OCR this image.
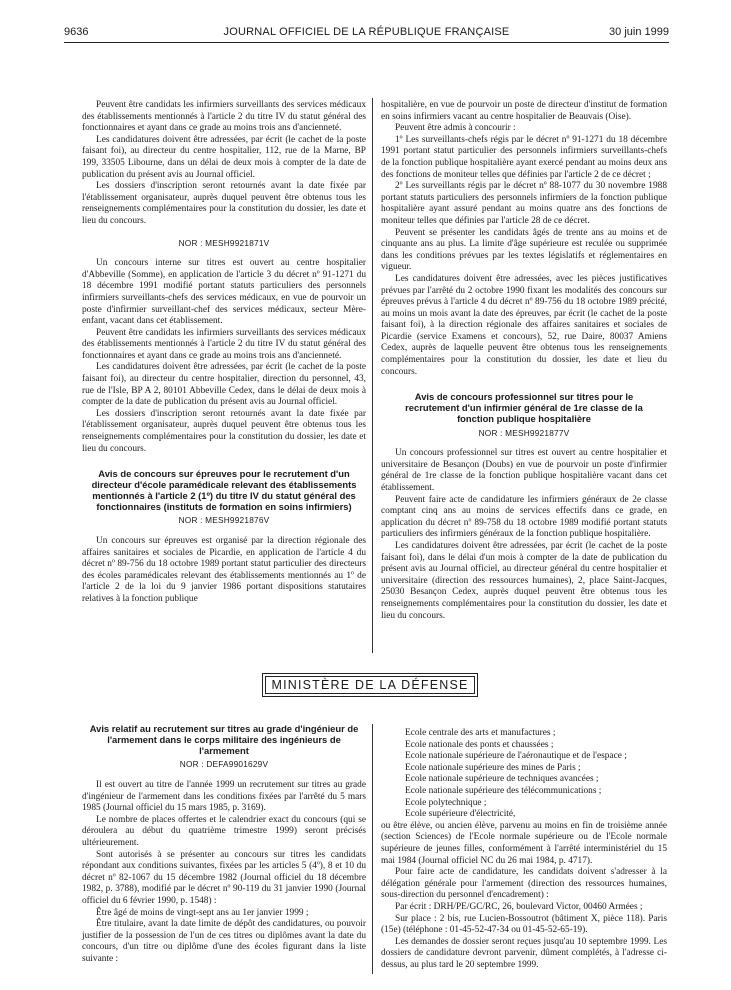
9636	JOURNAL OFFICIEL DE LA RÉPUBLIQUE FRANÇAISE	30 juin 1999

Peuvent être candidats les infirmiers surveillants des services médicaux des établissements mentionnés à l'article 2 du titre IV du statut général des fonctionnaires et ayant dans ce grade au moins trois ans d'ancienneté.

Les candidatures doivent être adressées, par écrit (le cachet de la poste faisant foi), au directeur du centre hospitalier, 112, rue de la Marne, BP 199, 33505 Libourne, dans un délai de deux mois à compter de la date de publication du présent avis au Journal officiel.

Les dossiers d'inscription seront retournés avant la date fixée par l'établissement organisateur, auprès duquel peuvent être obtenus tous les renseignements complémentaires pour la constitution du dossier, les date et lieu du concours.

NOR : MESH9921871V

Un concours interne sur titres est ouvert au centre hospitalier d'Abbeville (Somme), en application de l'article 3 du décret nº 91-1271 du 18 décembre 1991 modifié portant statuts particuliers des personnels infirmiers surveillants-chefs des services médicaux, en vue de pourvoir un poste d'infirmier surveillant-chef des services médicaux, secteur Mère-enfant, vacant dans cet établissement.

Peuvent être candidats les infirmiers surveillants des services médicaux des établissements mentionnés à l'article 2 du titre IV du statut général des fonctionnaires et ayant dans ce grade au moins trois ans d'ancienneté.

Les candidatures doivent être adressées, par écrit (le cachet de la poste faisant foi), au directeur du centre hospitalier, direction du personnel, 43, rue de l'Isle, BP A 2, 80101 Abbeville Cedex, dans le délai de deux mois à compter de la date de publication du présent avis au Journal officiel.

Les dossiers d'inscription seront retournés avant la date fixée par l'établissement organisateur, auprès duquel peuvent être obtenus tous les renseignements complémentaires pour la constitution du dossier, les date et lieu du concours.

Avis de concours sur épreuves pour le recrutement d'un directeur d'école paramédicale relevant des établissements mentionnés à l'article 2 (1º) du titre IV du statut général des fonctionnaires (instituts de formation en soins infirmiers)
NOR : MESH9921876V

Un concours sur épreuves est organisé par la direction régionale des affaires sanitaires et sociales de Picardie, en application de l'article 4 du décret nº 89-756 du 18 octobre 1989 portant statut particulier des directeurs des écoles paramédicales relevant des établissements mentionnés au 1º de l'article 2 de la loi du 9 janvier 1986 portant dispositions statutaires relatives à la fonction publique

hospitalière, en vue de pourvoir un poste de directeur d'institut de formation en soins infirmiers vacant au centre hospitalier de Beauvais (Oise).

Peuvent être admis à concourir :

1º Les surveillants-chefs régis par le décret nº 91-1271 du 18 décembre 1991 portant statut particulier des personnels infirmiers surveillants-chefs de la fonction publique hospitalière ayant exercé pendant au moins deux ans des fonctions de moniteur telles que définies par l'article 2 de ce décret ;

2º Les surveillants régis par le décret nº 88-1077 du 30 novembre 1988 portant statuts particuliers des personnels infirmiers de la fonction publique hospitalière ayant assuré pendant au moins quatre ans des fonctions de moniteur telles que définies par l'article 28 de ce décret.

Peuvent se présenter les candidats âgés de trente ans au moins et de cinquante ans au plus. La limite d'âge supérieure est reculée ou supprimée dans les conditions prévues par les textes législatifs et réglementaires en vigueur.

Les candidatures doivent être adressées, avec les pièces justificatives prévues par l'arrêté du 2 octobre 1990 fixant les modalités des concours sur épreuves prévus à l'article 4 du décret nº 89-756 du 18 octobre 1989 précité, au moins un mois avant la date des épreuves, par écrit (le cachet de la poste faisant foi), à la direction régionale des affaires sanitaires et sociales de Picardie (service Examens et concours), 52, rue Daire, 80037 Amiens Cedex, auprès de laquelle peuvent être obtenus tous les renseignements complémentaires pour la constitution du dossier, les date et lieu du concours.

Avis de concours professionnel sur titres pour le recrutement d'un infirmier général de 1re classe de la fonction publique hospitalière
NOR : MESH9921877V

Un concours professionnel sur titres est ouvert au centre hospitalier et universitaire de Besançon (Doubs) en vue de pourvoir un poste d'infirmier général de 1re classe de la fonction publique hospitalière vacant dans cet établissement.

Peuvent faire acte de candidature les infirmiers généraux de 2e classe comptant cinq ans au moins de services effectifs dans ce grade, en application du décret nº 89-758 du 18 octobre 1989 modifié portant statuts particuliers des infirmiers généraux de la fonction publique hospitalière.

Les candidatures doivent être adressées, par écrit (le cachet de la poste faisant foi), dans le délai d'un mois à compter de la date de publication du présent avis au Journal officiel, au directeur général du centre hospitalier et universitaire (direction des ressources humaines), 2, place Saint-Jacques, 25030 Besançon Cedex, auprès duquel peuvent être obtenus tous les renseignements complémentaires pour la constitution du dossier, les date et lieu du concours.

MINISTÈRE DE LA DÉFENSE
Avis relatif au recrutement sur titres au grade d'ingénieur de l'armement dans le corps militaire des ingénieurs de l'armement
NOR : DEFA9901629V

Il est ouvert au titre de l'année 1999 un recrutement sur titres au grade d'ingénieur de l'armement dans les conditions fixées par l'arrêté du 5 mars 1985 (Journal officiel du 15 mars 1985, p. 3169).

Le nombre de places offertes et le calendrier exact du concours (qui se déroulera au début du quatrième trimestre 1999) seront précisés ultérieurement.

Sont autorisés à se présenter au concours sur titres les candidats répondant aux conditions suivantes, fixées par les articles 5 (4º), 8 et 10 du décret nº 82-1067 du 15 décembre 1982 (Journal officiel du 18 décembre 1982, p. 3788), modifié par le décret nº 90-119 du 31 janvier 1990 (Journal officiel du 6 février 1990, p. 1548) :

Être âgé de moins de vingt-sept ans au 1er janvier 1999 ;

Être titulaire, avant la date limite de dépôt des candidatures, ou pouvoir justifier de la possession de l'un de ces titres ou diplômes avant la date du concours, d'un titre ou diplôme d'une des écoles figurant dans la liste suivante :

Ecole centrale des arts et manufactures ;

Ecole nationale des ponts et chaussées ;

Ecole nationale supérieure de l'aéronautique et de l'espace ;

Ecole nationale supérieure des mines de Paris ;

Ecole nationale supérieure de techniques avancées ;

Ecole nationale supérieure des télécommunications ;

Ecole polytechnique ;

Ecole supérieure d'électricité,

ou être élève, ou ancien élève, parvenu au moins en fin de troisième année (section Sciences) de l'Ecole normale supérieure ou de l'Ecole normale supérieure de jeunes filles, conformément à l'arrêté interministériel du 15 mai 1984 (Journal officiel NC du 26 mai 1984, p. 4717).

Pour faire acte de candidature, les candidats doivent s'adresser à la délégation générale pour l'armement (direction des ressources humaines, sous-direction du personnel d'encadrement) :

Par écrit : DRH/PE/GC/RC, 26, boulevard Victor, 00460 Armées ;

Sur place : 2 bis, rue Lucien-Bossoutrot (bâtiment X, pièce 118). Paris (15e) (téléphone : 01-45-52-47-34 ou 01-45-52-65-19).

Les demandes de dossier seront reçues jusqu'au 10 septembre 1999. Les dossiers de candidature devront parvenir, dûment complétés, à l'adresse ci-dessus, au plus tard le 20 septembre 1999.
